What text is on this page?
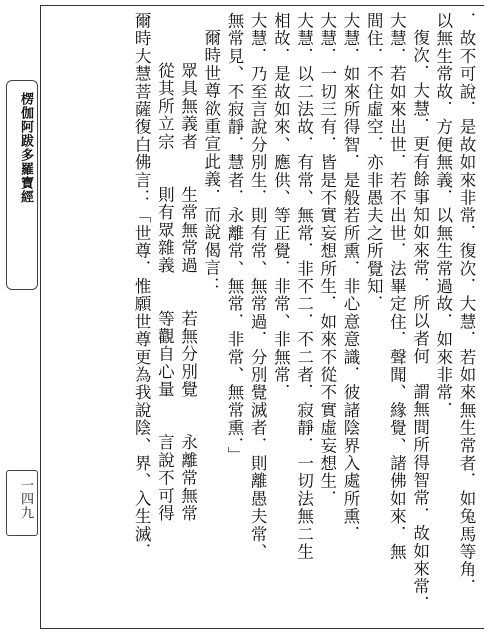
楞伽阿跋多羅寶經
一四九	．故不可說．是故如來非常．復次．大慧．若如來無生常者．如兔馬等角．
以無生常故．方便無義．以無生常過故．如來非常．
復次．大慧．更有餘事知如來常．所以者何　謂無間所得智常．故如來常．
大慧．若如來出世．若不出世．法畢定住．聲聞、緣覺、諸佛如來．無
間住．不住虛空．亦非愚夫之所覺知．
大慧．如來所得智．是般若所熏．非心意意識．彼諸陰界入處所熏．
大慧．一切三有．皆是不實妄想所生．如來不從不實虛妄想生．
大慧．以二法故．有常、無常．非不二．不二者．寂靜．一切法無二生
相故．是故如來、應供、等正覺．非常、非無常．
大慧．乃至言說分別生．則有常、無常過．分別覺滅者．則離愚夫常、
無常見、不寂靜．慧者．永離常、無常．非常、無常熏．」
爾時世尊欲重宣此義．而說偈言：
眾具無義者　　生常無常過　　若無分別覺　　永離常無常
從其所立宗　　則有眾雜義　　等觀自心量　　言說不可得
爾時大慧菩薩復白佛言：「世尊．惟願世尊更為我說陰、界、入生滅．
